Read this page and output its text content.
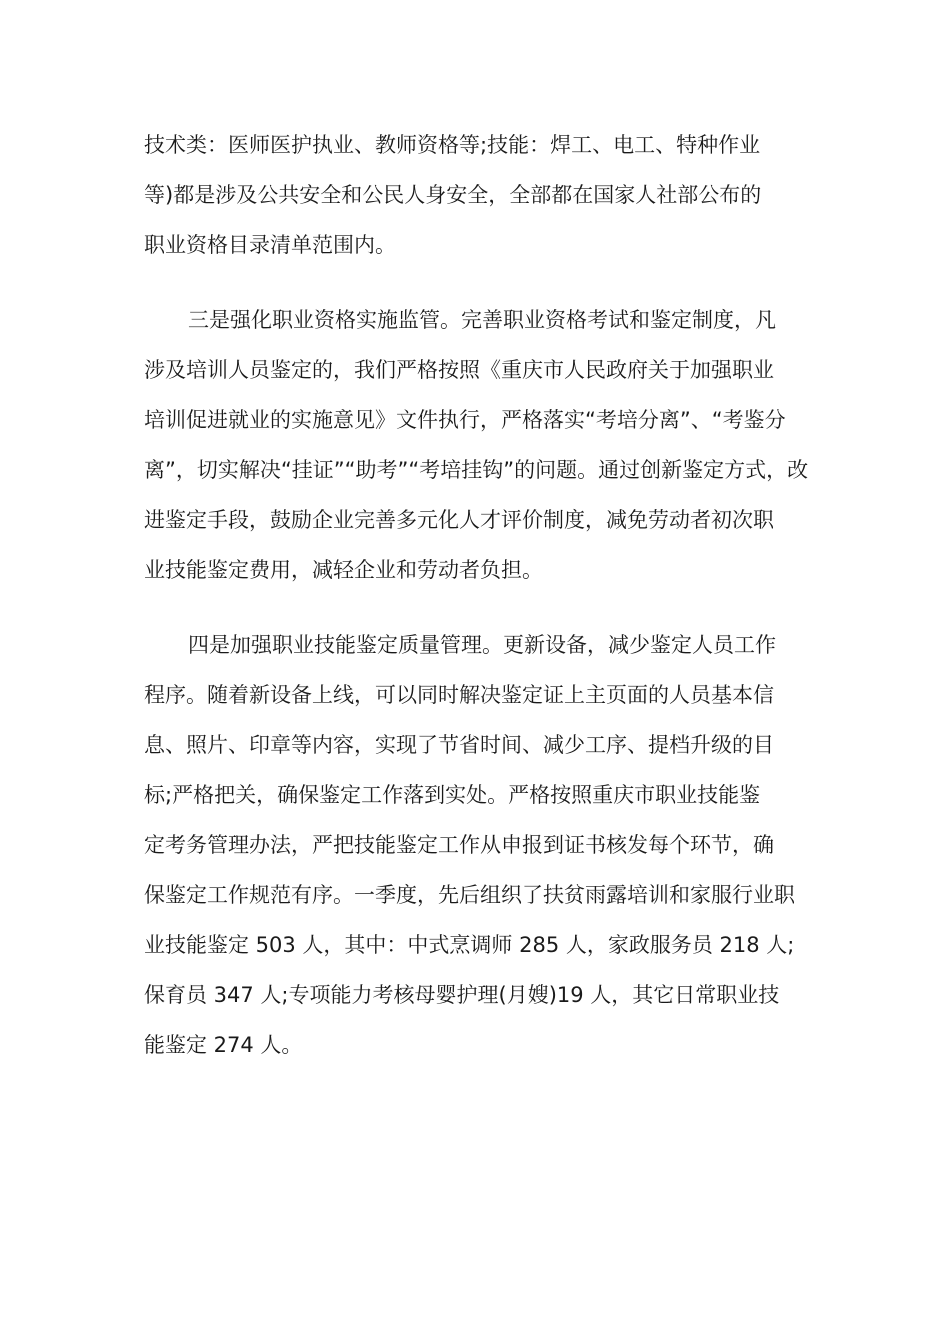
技术类：医师医护执业、教师资格等;技能：焊工、电工、特种作业
等)都是涉及公共安全和公民人身安全，全部都在国家人社部公布的
职业资格目录清单范围内。
三是强化职业资格实施监管。完善职业资格考试和鉴定制度，凡
涉及培训人员鉴定的，我们严格按照《重庆市人民政府关于加强职业
培训促进就业的实施意见》文件执行，严格落实“考培分离”、“考鉴分
离”，切实解决“挂证”“助考”“考培挂钩”的问题。通过创新鉴定方式，改
进鉴定手段，鼓励企业完善多元化人才评价制度，减免劳动者初次职
业技能鉴定费用，减轻企业和劳动者负担。
四是加强职业技能鉴定质量管理。更新设备，减少鉴定人员工作
程序。随着新设备上线，可以同时解决鉴定证上主页面的人员基本信
息、照片、印章等内容，实现了节省时间、减少工序、提档升级的目
标;严格把关，确保鉴定工作落到实处。严格按照重庆市职业技能鉴
定考务管理办法，严把技能鉴定工作从申报到证书核发每个环节，确
保鉴定工作规范有序。一季度，先后组织了扶贫雨露培训和家服行业职
业技能鉴定 503 人，其中：中式烹调师 285 人，家政服务员 218 人;
保育员 347 人;专项能力考核母婴护理(月嫂)19 人，其它日常职业技
能鉴定 274 人。
